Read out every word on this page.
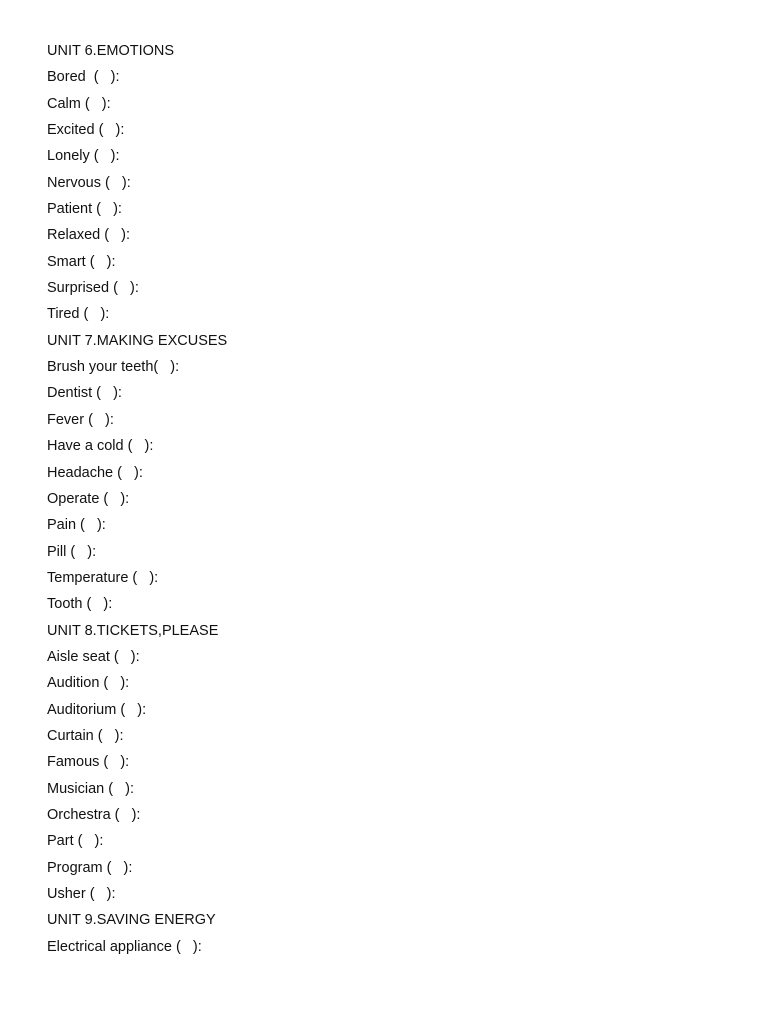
UNIT 6.EMOTIONS
Bored  (   ):
Calm (   ):
Excited (   ):
Lonely (   ):
Nervous (   ):
Patient (   ):
Relaxed (   ):
Smart (   ):
Surprised (   ):
Tired (   ):
UNIT 7.MAKING EXCUSES
Brush your teeth(   ):
Dentist (   ):
Fever (   ):
Have a cold (   ):
Headache (   ):
Operate (   ):
Pain (   ):
Pill (   ):
Temperature (   ):
Tooth (   ):
UNIT 8.TICKETS,PLEASE
Aisle seat (   ):
Audition (   ):
Auditorium (   ):
Curtain (   ):
Famous (   ):
Musician (   ):
Orchestra (   ):
Part (   ):
Program (   ):
Usher (   ):
UNIT 9.SAVING ENERGY
Electrical appliance (   ):
